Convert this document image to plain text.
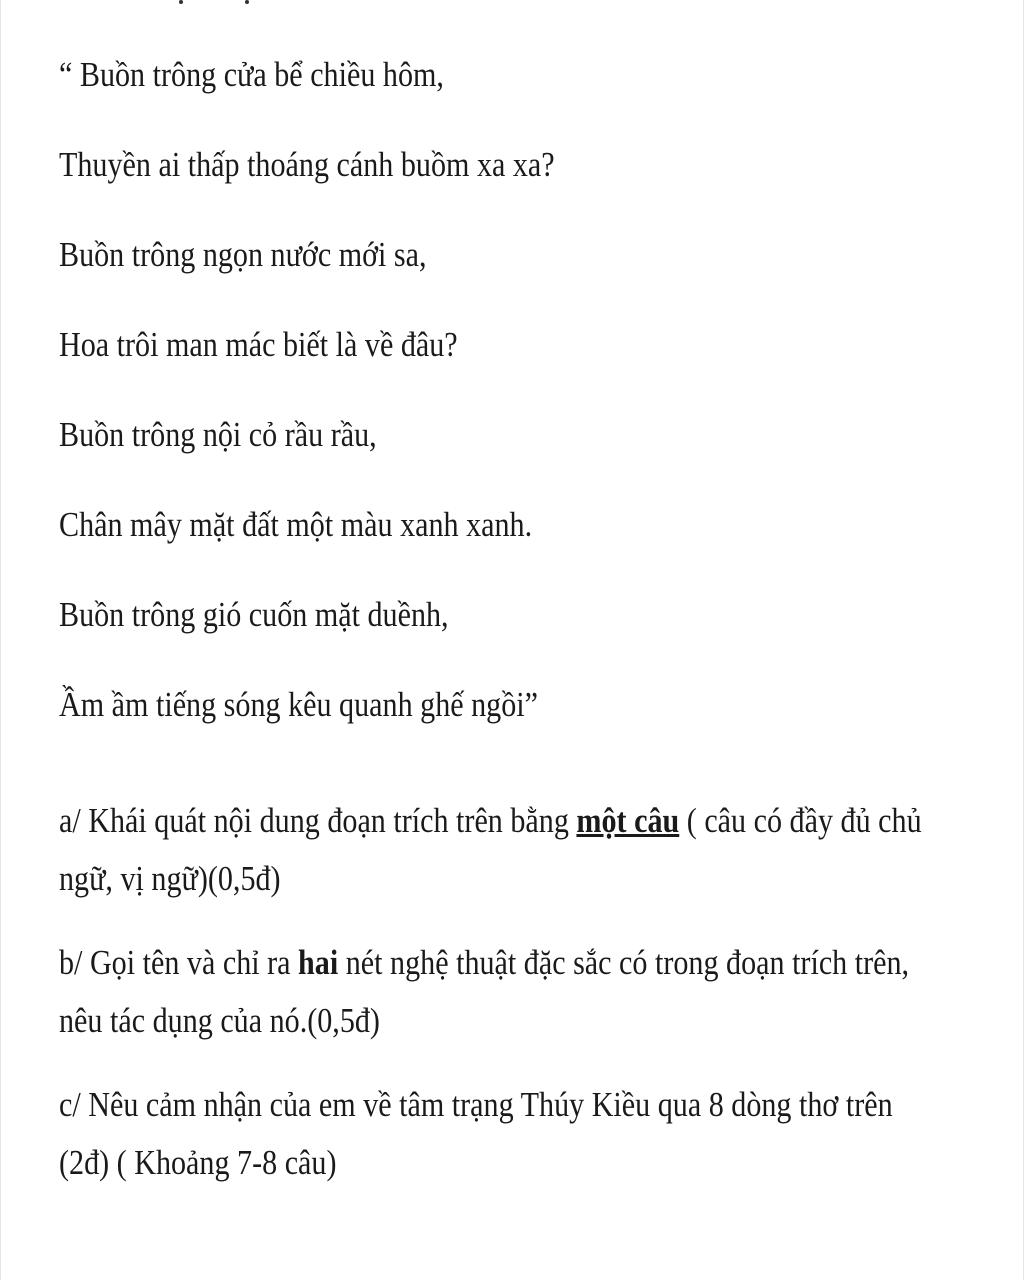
“ Buồn trông cửa bể chiều hôm,
Thuyền ai thấp thoáng cánh buồm xa xa?
Buồn trông ngọn nước mới sa,
Hoa trôi man mác biết là về đâu?
Buồn trông nội cỏ rầu rầu,
Chân mây mặt đất một màu xanh xanh.
Buồn trông gió cuốn mặt duềnh,
Ầm ầm tiếng sóng kêu quanh ghế ngồi”
a/ Khái quát nội dung đoạn trích trên bằng một câu ( câu có đầy đủ chủ
ngữ, vị ngữ)(0,5đ)
b/ Gọi tên và chỉ ra hai nét nghệ thuật đặc sắc có trong đoạn trích trên,
nêu tác dụng của nó.(0,5đ)
c/ Nêu cảm nhận của em về tâm trạng Thúy Kiều qua 8 dòng thơ trên
(2đ) ( Khoảng 7-8 câu)
